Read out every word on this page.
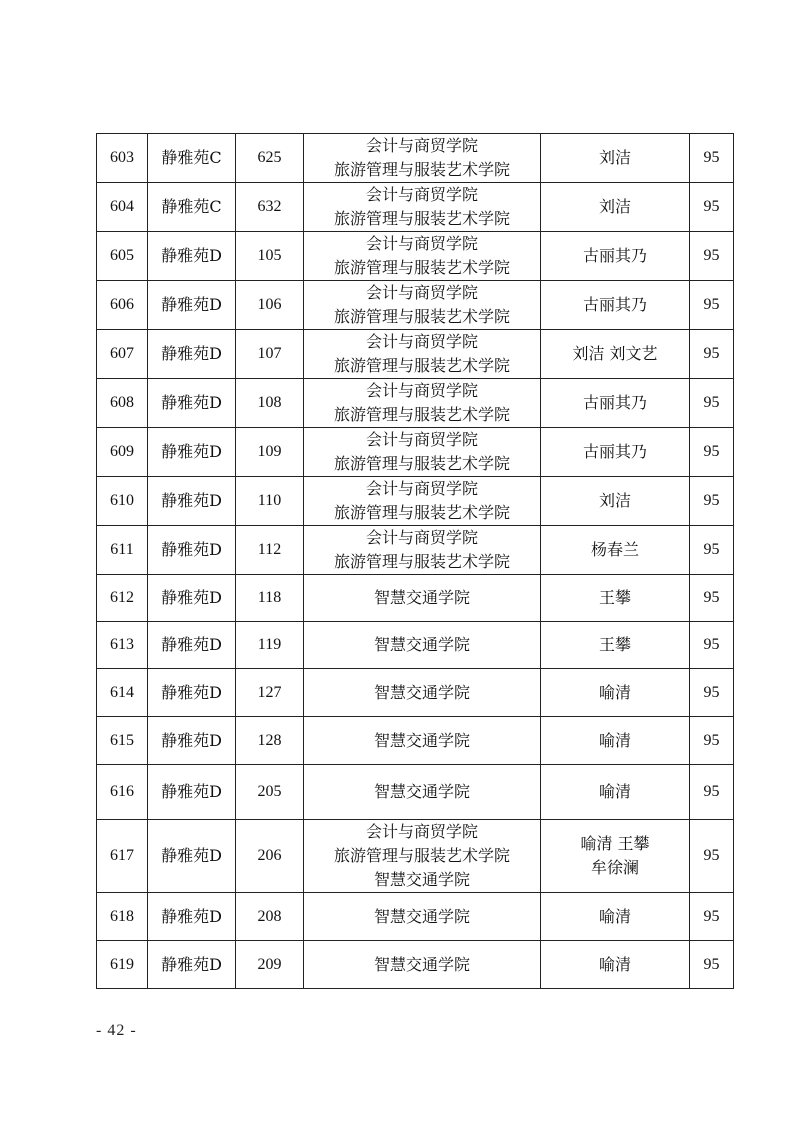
603	静雅苑C	625	会计与商贸学院
旅游管理与服装艺术学院	刘洁	95
604	静雅苑C	632	会计与商贸学院
旅游管理与服装艺术学院	刘洁	95
605	静雅苑D	105	会计与商贸学院
旅游管理与服装艺术学院	古丽其乃	95
606	静雅苑D	106	会计与商贸学院
旅游管理与服装艺术学院	古丽其乃	95
607	静雅苑D	107	会计与商贸学院
旅游管理与服装艺术学院	刘洁 刘文艺	95
608	静雅苑D	108	会计与商贸学院
旅游管理与服装艺术学院	古丽其乃	95
609	静雅苑D	109	会计与商贸学院
旅游管理与服装艺术学院	古丽其乃	95
610	静雅苑D	110	会计与商贸学院
旅游管理与服装艺术学院	刘洁	95
611	静雅苑D	112	会计与商贸学院
旅游管理与服装艺术学院	杨春兰	95
612	静雅苑D	118	智慧交通学院	王攀	95
613	静雅苑D	119	智慧交通学院	王攀	95
614	静雅苑D	127	智慧交通学院	喻清	95
615	静雅苑D	128	智慧交通学院	喻清	95
616	静雅苑D	205	智慧交通学院	喻清	95
617	静雅苑D	206	会计与商贸学院
旅游管理与服装艺术学院
智慧交通学院	喻清 王攀
牟徐澜	95
618	静雅苑D	208	智慧交通学院	喻清	95
619	静雅苑D	209	智慧交通学院	喻清	95
- 42 -
